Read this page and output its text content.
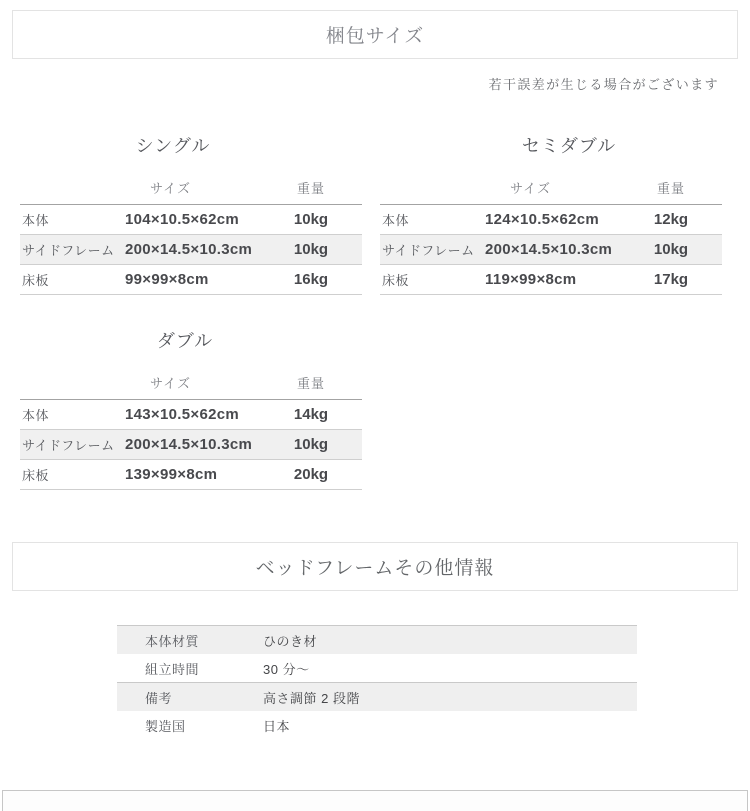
梱包サイズ
若干誤差が生じる場合がございます
シングル
サイズ	重量
本体	104×10.5×62cm	10kg
サイドフレーム 200×14.5×10.3cm	10kg
床板	99×99×8cm	16kg
セミダブル
サイズ	重量
本体	124×10.5×62cm	12kg
サイドフレーム 200×14.5×10.3cm	10kg
床板	119×99×8cm	17kg
ダブル
サイズ	重量
本体	143×10.5×62cm	14kg
サイドフレーム 200×14.5×10.3cm	10kg
床板	139×99×8cm	20kg
ベッドフレームその他情報
本体材質	ひのき材
組立時間	30 分〜
備考	高さ調節 2 段階
製造国	日本
